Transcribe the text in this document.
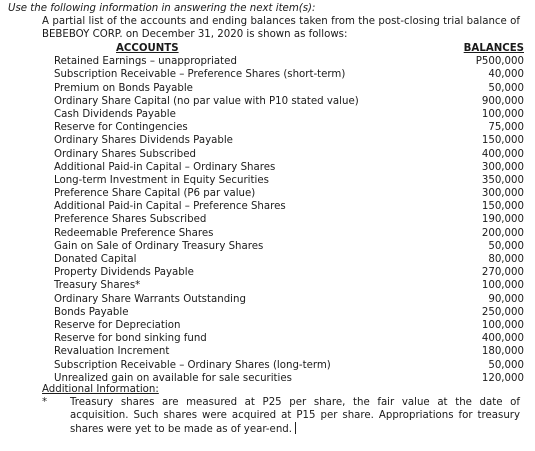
Use the following information in answering the next item(s):
A partial list of the accounts and ending balances taken from the post-closing trial balance of BEBEBOY CORP. on December 31, 2020 is shown as follows:
ACCOUNTS	BALANCES
Retained Earnings – unappropriated	P500,000
Subscription Receivable – Preference Shares (short-term)	40,000
Premium on Bonds Payable	50,000
Ordinary Share Capital (no par value with P10 stated value)	900,000
Cash Dividends Payable	100,000
Reserve for Contingencies	75,000
Ordinary Shares Dividends Payable	150,000
Ordinary Shares Subscribed	400,000
Additional Paid-in Capital – Ordinary Shares	300,000
Long-term Investment in Equity Securities	350,000
Preference Share Capital (P6 par value)	300,000
Additional Paid-in Capital – Preference Shares	150,000
Preference Shares Subscribed	190,000
Redeemable Preference Shares	200,000
Gain on Sale of Ordinary Treasury Shares	50,000
Donated Capital	80,000
Property Dividends Payable	270,000
Treasury Shares*	100,000
Ordinary Share Warrants Outstanding	90,000
Bonds Payable	250,000
Reserve for Depreciation	100,000
Reserve for bond sinking fund	400,000
Revaluation Increment	180,000
Subscription Receivable – Ordinary Shares (long-term)	50,000
Unrealized gain on available for sale securities	120,000
Additional Information:
*	Treasury shares are measured at P25 per share, the fair value at the date of acquisition. Such shares were acquired at P15 per share. Appropriations for treasury shares were yet to be made as of year-end.
